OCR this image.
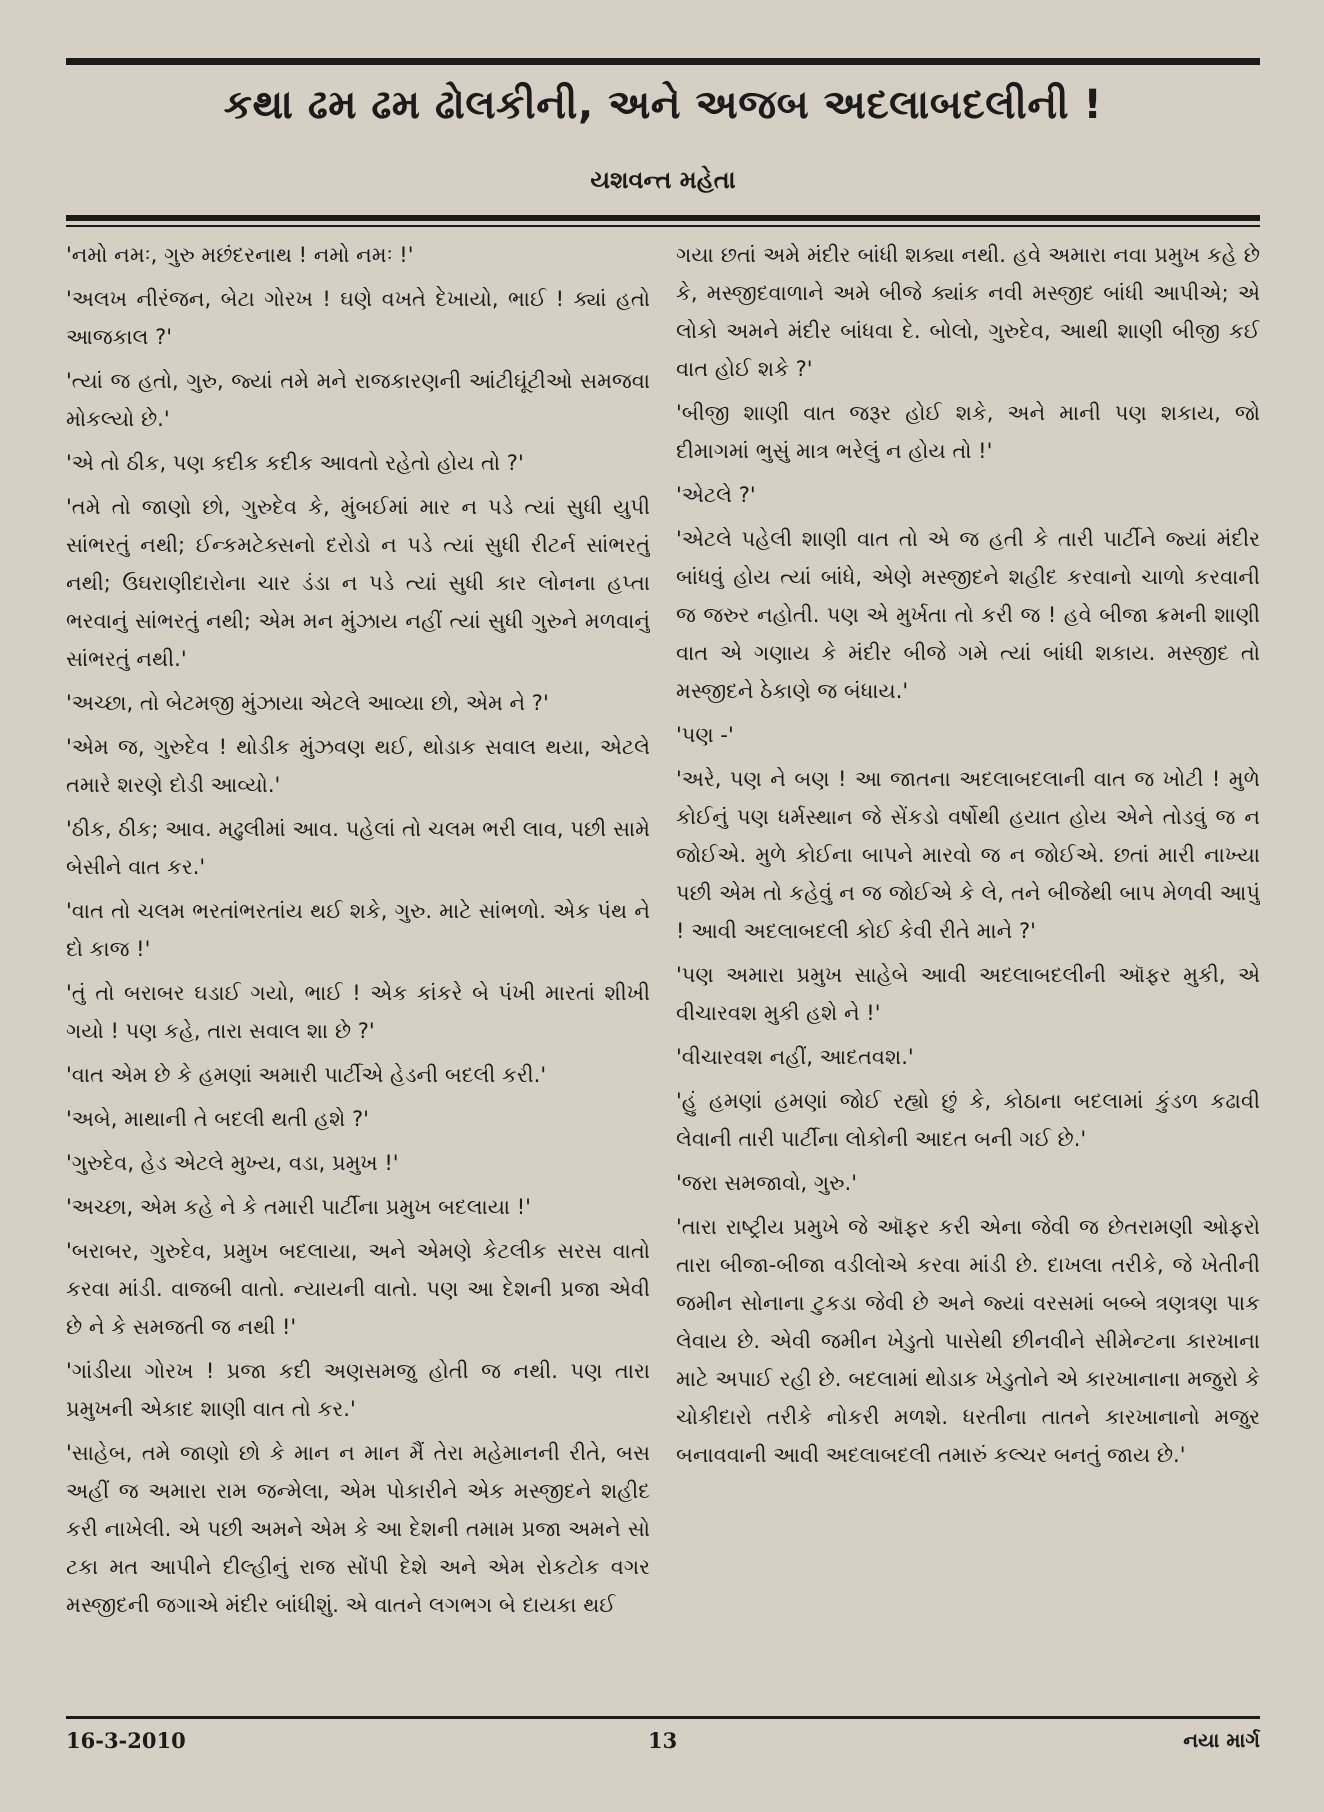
કથા ઢમ ઢમ ઢોલકીની, અને અજબ અદલાબદલીની !
યશવન્ત મહેતા

'નમો નમઃ, ગુરુ મછંદરનાથ ! નમો નમઃ !'

'અલખ નીરંજન, બેટા ગોરખ ! ઘણે વખતે દેખાયો, ભાઈ ! ક્યાં હતો આજકાલ ?'

'ત્યાં જ હતો, ગુરુ, જ્યાં તમે મને રાજકારણની આંટીઘૂંટીઓ સમજવા મોકલ્યો છે.'

'એ તો ઠીક, પણ કદીક કદીક આવતો રહેતો હોય તો ?'

'તમે તો જાણો છો, ગુરુદેવ કે, મુંબઈમાં માર ન પડે ત્યાં સુધી યુપી સાંભરતું નથી; ઈન્કમટેક્સનો દરોડો ન પડે ત્યાં સુધી રીટર્ન સાંભરતું નથી; ઉઘરાણીદારોના ચાર ડંડા ન પડે ત્યાં સુધી કાર લોનના હપ્તા ભરવાનું સાંભરતું નથી; એમ મન મુંઝાય નહીં ત્યાં સુધી ગુરુને મળવાનું સાંભરતું નથી.'

'અચ્છા, તો બેટમજી મુંઝાયા એટલે આવ્યા છો, એમ ને ?'

'એમ જ, ગુરુદેવ ! થોડીક મુંઝવણ થઈ, થોડાક સવાલ થયા, એટલે તમારે શરણે દોડી આવ્યો.'

'ઠીક, ઠીક; આવ. મઢુલીમાં આવ. પહેલાં તો ચલમ ભરી લાવ, પછી સામે બેસીને વાત કર.'

'વાત તો ચલમ ભરતાંભરતાંય થઈ શકે, ગુરુ. માટે સાંભળો. એક પંથ ને દો કાજ !'

'તું તો બરાબર ઘડાઈ ગયો, ભાઈ ! એક કાંકરે બે પંખી મારતાં શીખી ગયો ! પણ કહે, તારા સવાલ શા છે ?'

'વાત એમ છે કે હમણાં અમારી પાર્ટીએ હેડની બદલી કરી.'

'અબે, માથાની તે બદલી થતી હશે ?'

'ગુરુદેવ, હેડ એટલે મુખ્ય, વડા, પ્રમુખ !'

'અચ્છા, એમ કહે ને કે તમારી પાર્ટીના પ્રમુખ બદલાયા !'

'બરાબર, ગુરુદેવ, પ્રમુખ બદલાયા, અને એમણે કેટલીક સરસ વાતો કરવા માંડી. વાજબી વાતો. ન્યાયની વાતો. પણ આ દેશની પ્રજા એવી છે ને કે સમજતી જ નથી !'

'ગાંડીયા ગોરખ ! પ્રજા કદી અણસમજુ હોતી જ નથી. પણ તારા પ્રમુખની એકાદ શાણી વાત તો કર.'

'સાહેબ, તમે જાણો છો કે માન ન માન મૈં તેરા મહેમાનની રીતે, બસ અહીં જ અમારા રામ જન્મેલા, એમ પોકારીને એક મસ્જીદને શહીદ કરી નાખેલી. એ પછી અમને એમ કે આ દેશની તમામ પ્રજા અમને સો ટકા મત આપીને દીલ્હીનું રાજ સોંપી દેશે અને એમ રોકટોક વગર મસ્જીદની જગાએ મંદીર બાંધીશું. એ વાતને લગભગ બે દાયકા થઈ

ગયા છતાં અમે મંદીર બાંધી શક્યા નથી. હવે અમારા નવા પ્રમુખ કહે છે કે, મસ્જીદવાળાને અમે બીજે ક્યાંક નવી મસ્જીદ બાંધી આપીએ; એ લોકો અમને મંદીર બાંધવા દે. બોલો, ગુરુદેવ, આથી શાણી બીજી કઈ વાત હોઈ શકે ?'

'બીજી શાણી વાત જરૂર હોઈ શકે, અને માની પણ શકાય, જો દીમાગમાં ભુસું માત્ર ભરેલું ન હોય તો !'

'એટલે ?'

'એટલે પહેલી શાણી વાત તો એ જ હતી કે તારી પાર્ટીને જ્યાં મંદીર બાંધવું હોય ત્યાં બાંધે, એણે મસ્જીદને શહીદ કરવાનો ચાળો કરવાની જ જરુર નહોતી. પણ એ મુર્ખતા તો કરી જ ! હવે બીજા ક્રમની શાણી વાત એ ગણાય કે મંદીર બીજે ગમે ત્યાં બાંધી શકાય. મસ્જીદ તો મસ્જીદને ઠેકાણે જ બંધાય.'

'પણ -'

'અરે, પણ ને બણ ! આ જાતના અદલાબદલાની વાત જ ખોટી ! મુળે કોઈનું પણ ધર્મસ્થાન જે સેંકડો વર્ષોથી હયાત હોય એને તોડવું જ ન જોઈએ. મુળે કોઈના બાપને મારવો જ ન જોઈએ. છતાં મારી નાખ્યા પછી એમ તો કહેવું ન જ જોઈએ કે લે, તને બીજેથી બાપ મેળવી આપું ! આવી અદલાબદલી કોઈ કેવી રીતે માને ?'

'પણ અમારા પ્રમુખ સાહેબે આવી અદલાબદલીની ઑફર મુકી, એ વીચારવશ મુકી હશે ને !'

'વીચારવશ નહીં, આદતવશ.'

'હું હમણાં હમણાં જોઈ રહ્યો છું કે, કોઠાના બદલામાં કુંડળ કઢાવી લેવાની તારી પાર્ટીના લોકોની આદત બની ગઈ છે.'

'જરા સમજાવો, ગુરુ.'

'તારા રાષ્ટ્રીય પ્રમુખે જે ઑફર કરી એના જેવી જ છેતરામણી ઓફરો તારા બીજા-બીજા વડીલોએ કરવા માંડી છે. દાખલા તરીકે, જે ખેતીની જમીન સોનાના ટુકડા જેવી છે અને જ્યાં વરસમાં બબ્બે ત્રણત્રણ પાક લેવાય છે. એવી જમીન ખેડુતો પાસેથી છીનવીને સીમેન્ટના કારખાના માટે અપાઈ રહી છે. બદલામાં થોડાક ખેડુતોને એ કારખાનાના મજુરો કે ચોકીદારો તરીકે નોકરી મળશે. ધરતીના તાતને કારખાનાનો મજુર બનાવવાની આવી અદલાબદલી તમારું કલ્ચર બનતું જાય છે.'

16-3-2010	13	નયા માર્ગ
